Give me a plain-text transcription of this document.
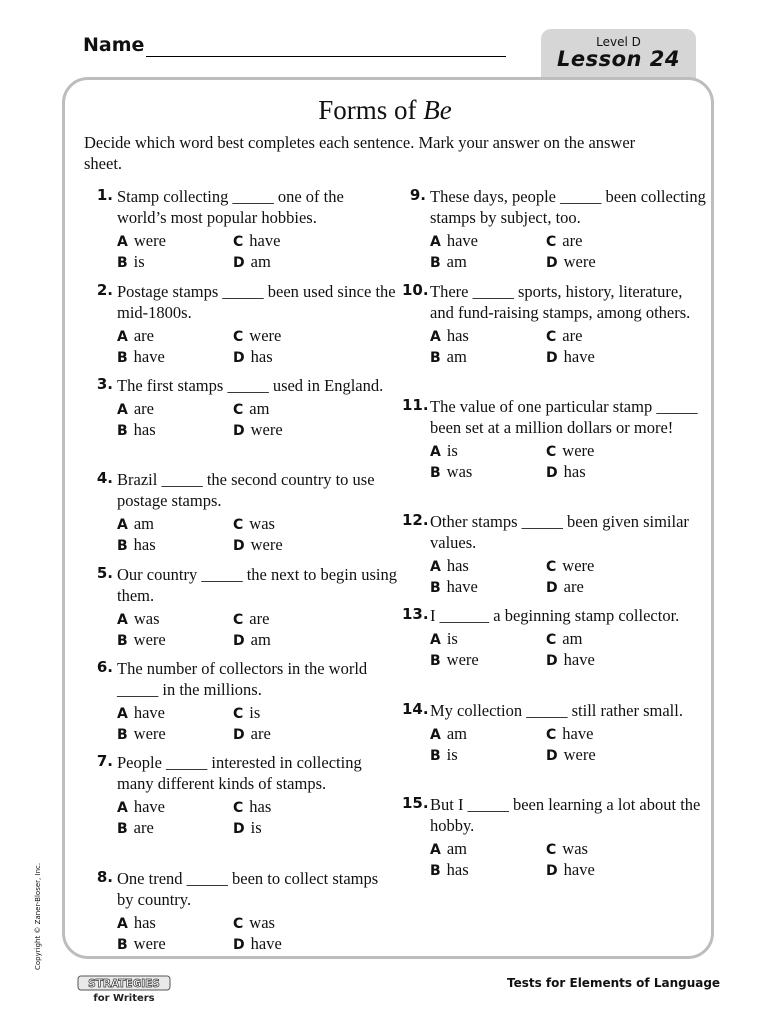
Name	Level D
Lesson 24
Forms of Be
Decide which word best completes each sentence. Mark your answer on the answer sheet.
1. Stamp collecting _____ one of the world’s most popular hobbies.
A were	C have
B is	D am
2. Postage stamps _____ been used since the mid-1800s.
A are	C were
B have	D has
3. The first stamps _____ used in England.
A are	C am
B has	D were
4. Brazil _____ the second country to use postage stamps.
A am	C was
B has	D were
5. Our country _____ the next to begin using them.
A was	C are
B were	D am
6. The number of collectors in the world _____ in the millions.
A have	C is
B were	D are
7. People _____ interested in collecting many different kinds of stamps.
A have	C has
B are	D is
8. One trend _____ been to collect stamps by country.
A has	C was
B were	D have
9. These days, people _____ been collecting stamps by subject, too.
A have	C are
B am	D were
10. There _____ sports, history, literature, and fund-raising stamps, among others.
A has	C are
B am	D have
11. The value of one particular stamp _____ been set at a million dollars or more!
A is	C were
B was	D has
12. Other stamps _____ been given similar values.
A has	C were
B have	D are
13. I ______ a beginning stamp collector.
A is	C am
B were	D have
14. My collection _____ still rather small.
A am	C have
B is	D were
15. But I _____ been learning a lot about the hobby.
A am	C was
B has	D have
Copyright © Zaner-Bloser, Inc.
STRATEGIES
for Writers
Tests for Elements of Language
